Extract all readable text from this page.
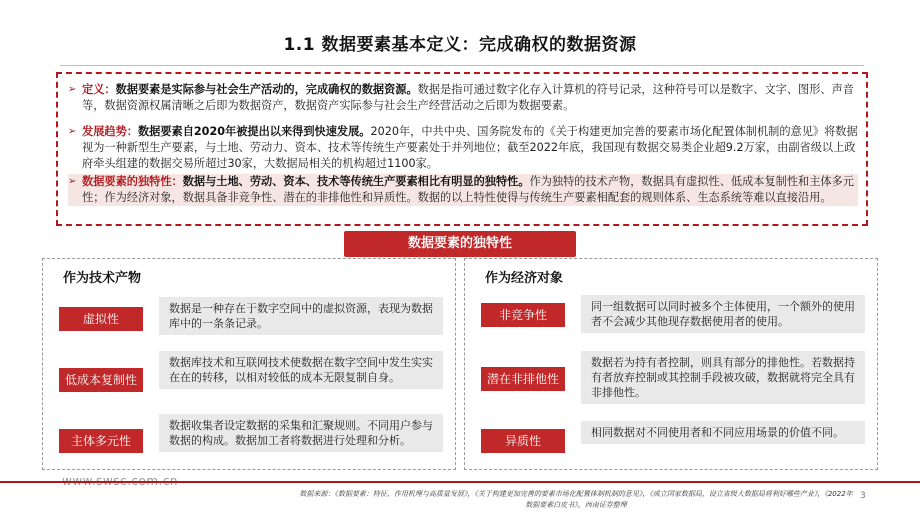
1.1 数据要素基本定义：完成确权的数据资源
➢ 定义：数据要素是实际参与社会生产活动的，完成确权的数据资源。数据是指可通过数字化存入计算机的符号记录，这种符号可以是数字、文字、图形、声音等，数据资源权属清晰之后即为数据资产，数据资产实际参与社会生产经营活动之后即为数据要素。
➢ 发展趋势：数据要素自2020年被提出以来得到快速发展。2020年，中共中央、国务院发布的《关于构建更加完善的要素市场化配置体制机制的意见》将数据视为一种新型生产要素，与土地、劳动力、资本、技术等传统生产要素处于并列地位；截至2022年底，我国现有数据交易类企业超9.2万家，由副省级以上政府牵头组建的数据交易所超过30家，大数据局相关的机构超过1100家。
➢ 数据要素的独特性：数据与土地、劳动、资本、技术等传统生产要素相比有明显的独特性。作为独特的技术产物，数据具有虚拟性、低成本复制性和主体多元性；作为经济对象，数据具备非竞争性、潜在的非排他性和异质性。数据的以上特性使得与传统生产要素相配套的规则体系、生态系统等难以直接沿用。
数据要素的独特性
作为技术产物
虚拟性
数据是一种存在于数字空间中的虚拟资源，表现为数据库中的一条条记录。
低成本复制性
数据库技术和互联网技术使数据在数字空间中发生实实在在的转移，以相对较低的成本无限复制自身。
主体多元性
数据收集者设定数据的采集和汇聚规则。不同用户参与数据的构成。数据加工者将数据进行处理和分析。
作为经济对象
非竞争性
同一组数据可以同时被多个主体使用，一个额外的使用者不会减少其他现存数据使用者的使用。
潜在非排他性
数据若为持有者控制，则具有部分的排他性。若数据持有者放弃控制或其控制手段被攻破，数据就将完全具有非排他性。
异质性
相同数据对不同使用者和不同应用场景的价值不同。
数据来源：《数据要素：特征、作用机理与高质量发展》，《关于构建更加完善的要素市场化配置体制机制的意见》，《成立国家数据局，设立省级大数据局将利好哪些产业》，《2022年数据要素白皮书》，西南证券整理
3
